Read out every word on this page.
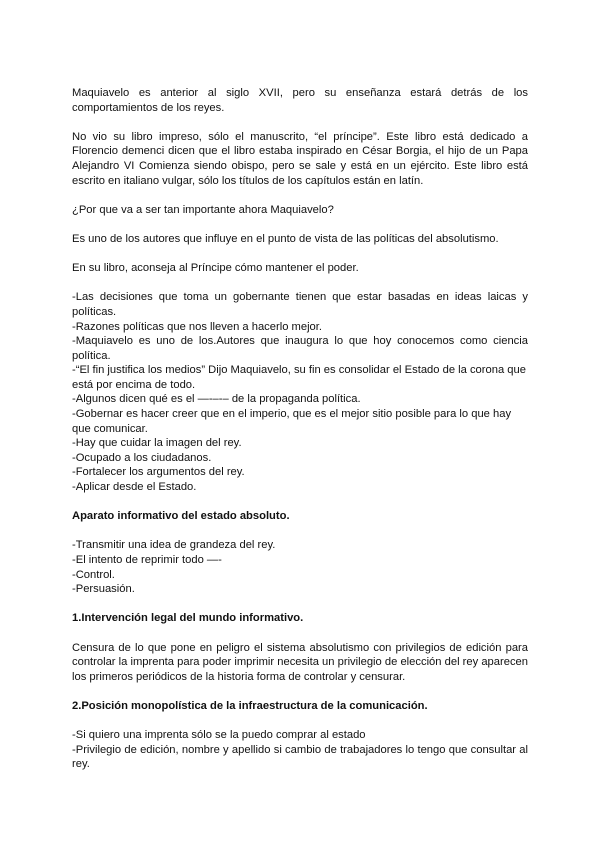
Maquiavelo es anterior al siglo XVII, pero su enseñanza estará detrás de los comportamientos de los reyes.

No vio su libro impreso, sólo el manuscrito, “el príncipe”. Este libro está dedicado a Florencio demenci dicen que el libro estaba inspirado en César Borgia, el hijo de un Papa Alejandro VI Comienza siendo obispo, pero se sale y está en un ejército. Este libro está escrito en italiano vulgar, sólo los títulos de los capítulos están en latín.

¿Por que va a ser tan importante ahora Maquiavelo?

Es uno de los autores que influye en el punto de vista de las políticas del absolutismo.

En su libro, aconseja al Príncipe cómo mantener el poder.

-Las decisiones que toma un gobernante tienen que estar basadas en ideas laicas y políticas.

-Razones políticas que nos lleven a hacerlo mejor.

-Maquiavelo es uno de los.Autores que inaugura lo que hoy conocemos como ciencia política.

-“El fin justifica los medios” Dijo Maquiavelo, su fin es consolidar el Estado de la corona que está por encima de todo.

-Algunos dicen qué es el —-–-– de la propaganda política.

-Gobernar es hacer creer que en el imperio, que es el mejor sitio posible para lo que hay que comunicar.

-Hay que cuidar la imagen del rey.

-Ocupado a los ciudadanos.

-Fortalecer los argumentos del rey.

-Aplicar desde el Estado.

Aparato informativo del estado absoluto.

-Transmitir una idea de grandeza del rey.

-El intento de reprimir todo —-

-Control.

-Persuasión.

1.Intervención legal del mundo informativo.

Censura de lo que pone en peligro el sistema absolutismo con privilegios de edición para controlar la imprenta para poder imprimir necesita un privilegio de elección del rey aparecen los primeros periódicos de la historia forma de controlar y censurar.

2.Posición monopolística de la infraestructura de la comunicación.

-Si quiero una imprenta sólo se la puedo comprar al estado

-Privilegio de edición, nombre y apellido si cambio de trabajadores lo tengo que consultar al rey.
